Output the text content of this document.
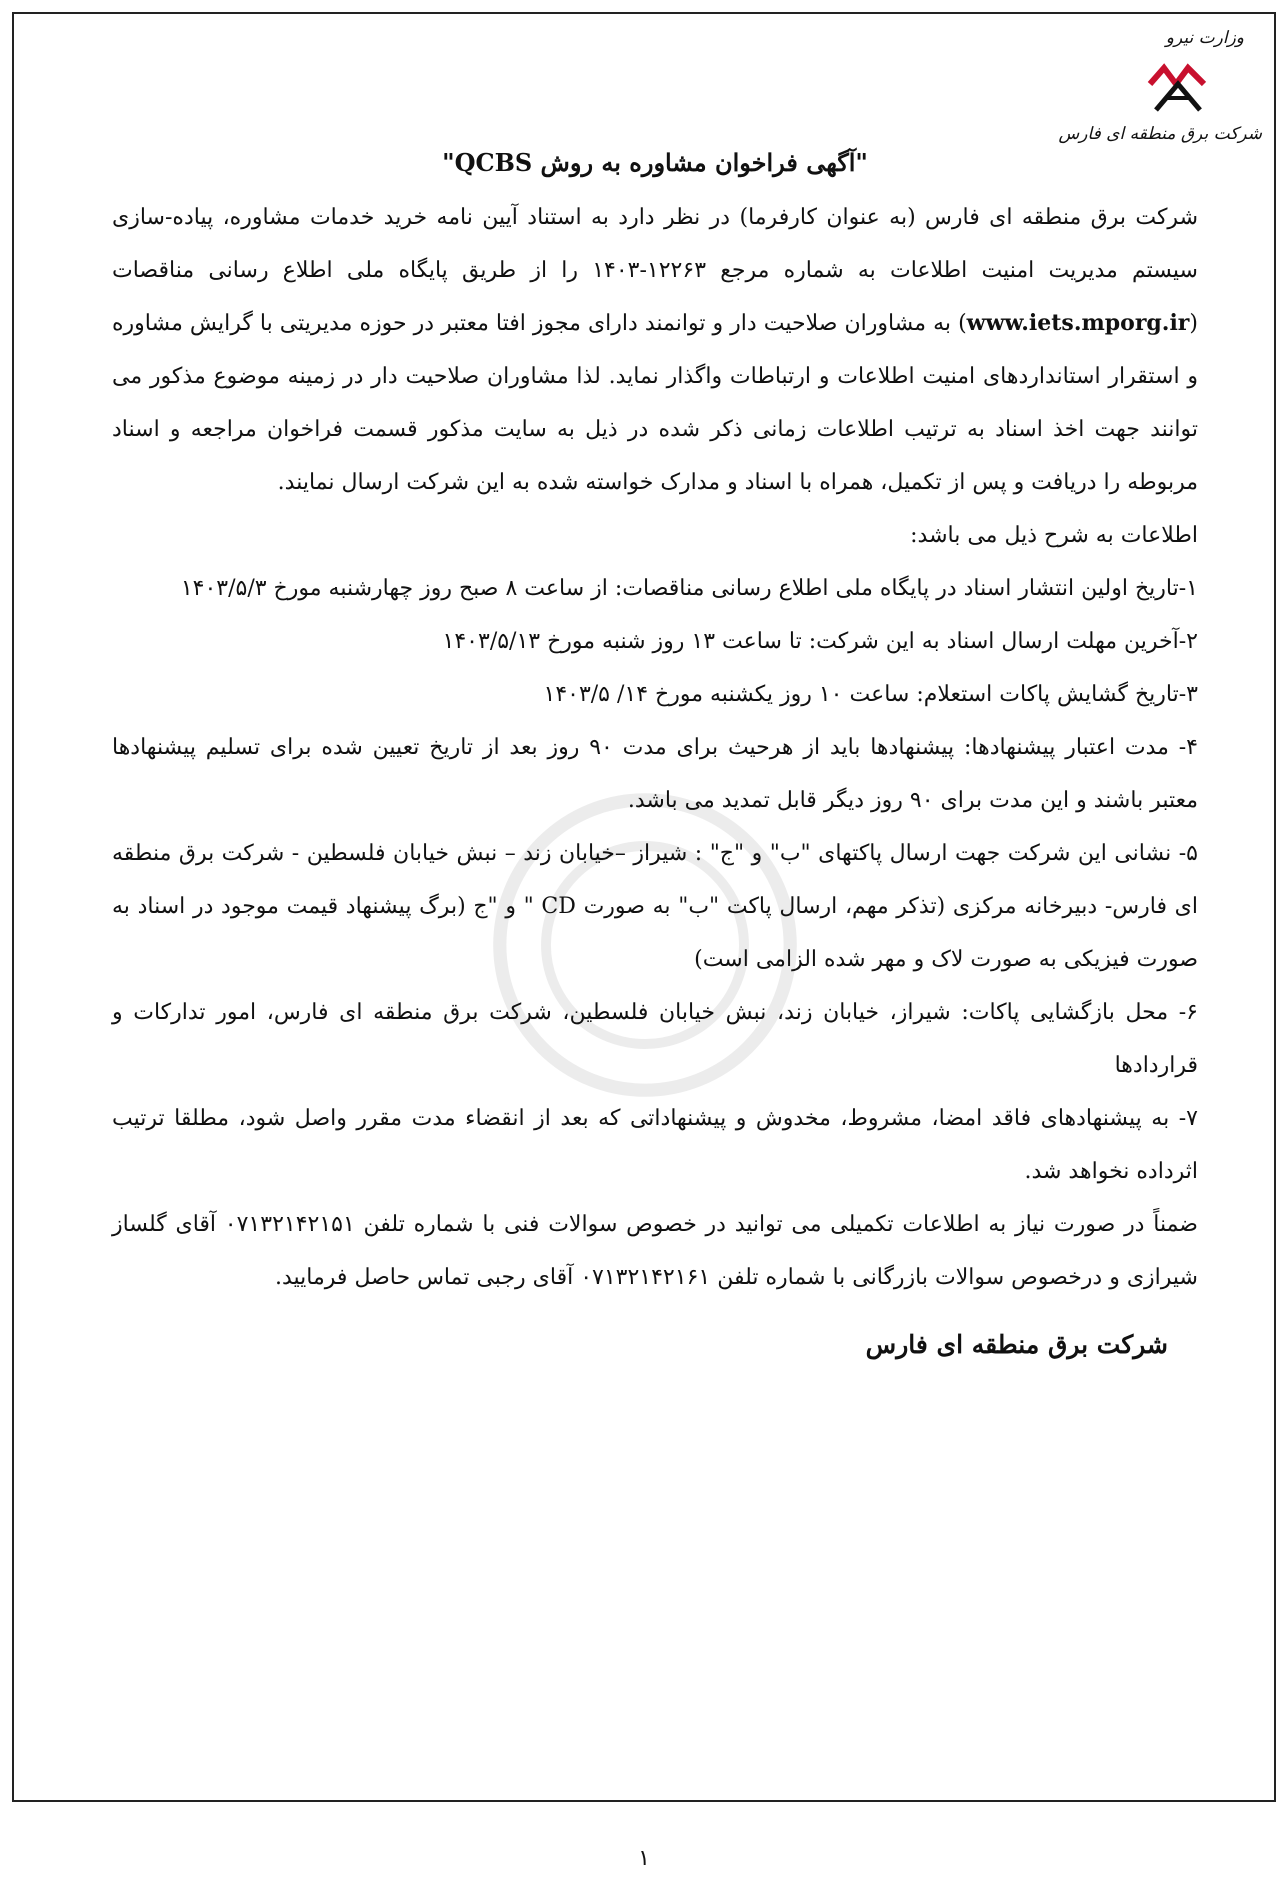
وزارت نیرو
شرکت برق منطقه ای فارس
"آگهی فراخوان مشاوره به روش QCBS"

شرکت برق منطقه ای فارس (به عنوان کارفرما) در نظر دارد به استناد آیین نامه خرید خدمات مشاوره، پیاده-سازی سیستم مدیریت امنیت اطلاعات به شماره مرجع ۱۲۲۶۳-۱۴۰۳ را از طریق پایگاه ملی اطلاع رسانی مناقصات (www.iets.mporg.ir) به مشاوران صلاحیت دار و توانمند دارای مجوز افتا معتبر در حوزه مدیریتی با گرایش مشاوره و استقرار استانداردهای امنیت اطلاعات و ارتباطات واگذار نماید. لذا مشاوران صلاحیت دار در زمینه موضوع مذکور می توانند جهت اخذ اسناد به ترتیب اطلاعات زمانی ذکر شده در ذیل به سایت مذکور قسمت فراخوان مراجعه و اسناد مربوطه را دریافت و پس از تکمیل، همراه با اسناد و مدارک خواسته شده به این شرکت ارسال نمایند.

اطلاعات به شرح ذیل می باشد:

۱-تاریخ اولین انتشار اسناد در پایگاه ملی اطلاع رسانی مناقصات: از ساعت ۸ صبح روز چهارشنبه مورخ ۱۴۰۳/۵/۳

۲-آخرین مهلت ارسال اسناد به این شرکت: تا ساعت ۱۳ روز شنبه مورخ ۱۴۰۳/۵/۱۳

۳-تاریخ گشایش پاکات استعلام: ساعت ۱۰ روز یکشنبه مورخ ۱۴/ ۱۴۰۳/۵

۴- مدت اعتبار پیشنهادها: پیشنهادها باید از هرحیث برای مدت ۹۰ روز بعد از تاریخ تعیین شده برای تسلیم پیشنهادها معتبر باشند و این مدت برای ۹۰ روز دیگر قابل تمدید می باشد.

۵- نشانی این شرکت جهت ارسال پاکتهای "ب" و "ج" : شیراز –خیابان زند – نبش خیابان فلسطین - شرکت برق منطقه ای فارس- دبیرخانه مرکزی (تذکر مهم، ارسال پاکت "ب" به صورت CD " و "ج (برگ پیشنهاد قیمت موجود در اسناد به صورت فیزیکی به صورت لاک و مهر شده الزامی است)

۶- محل بازگشایی پاکات: شیراز، خیابان زند، نبش خیابان فلسطین، شرکت برق منطقه ای فارس، امور تدارکات و قراردادها

۷- به پیشنهادهای فاقد امضا، مشروط، مخدوش و پیشنهاداتی که بعد از انقضاء مدت مقرر واصل شود، مطلقا ترتیب اثرداده نخواهد شد.

ضمناً در صورت نیاز به اطلاعات تکمیلی می توانید در خصوص سوالات فنی با شماره تلفن ۰۷۱۳۲۱۴۲۱۵۱ آقای گلساز شیرازی و درخصوص سوالات بازرگانی با شماره تلفن ۰۷۱۳۲۱۴۲۱۶۱ آقای رجبی تماس حاصل فرمایید.

شرکت برق منطقه ای فارس
۱
